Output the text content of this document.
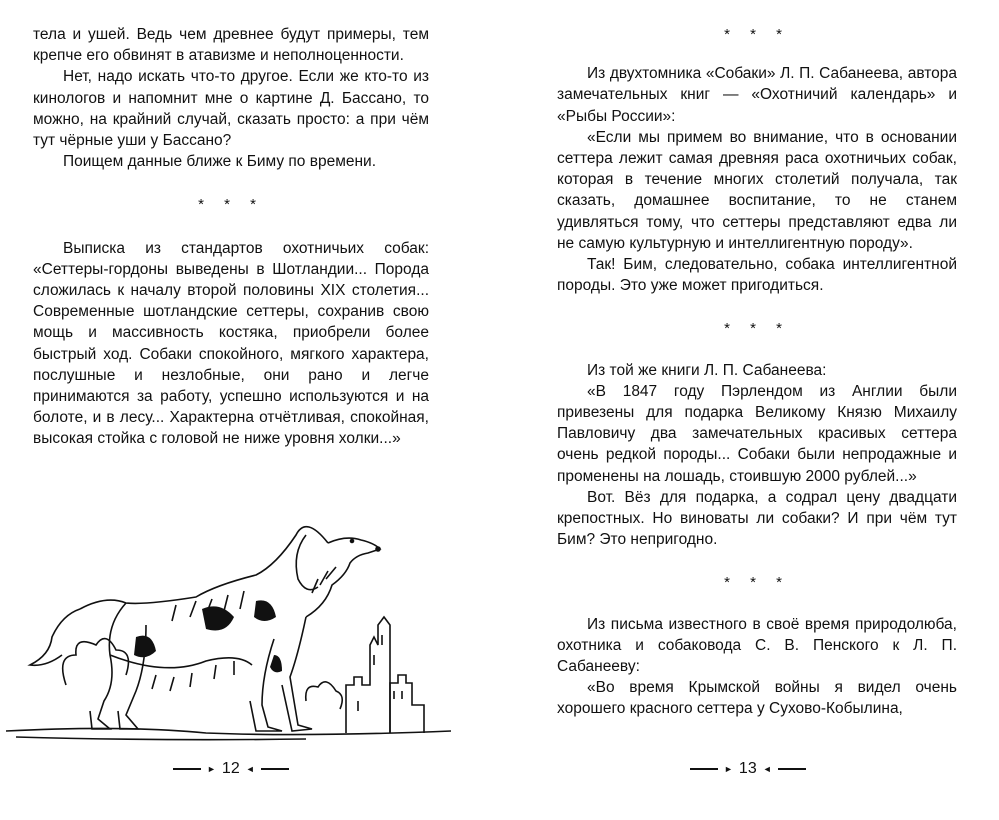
тела и ушей. Ведь чем древнее будут примеры, тем крепче его обвинят в атавизме и неполноценности.

Нет, надо искать что-то другое. Если же кто-то из кинологов и напомнит мне о картине Д. Бассано, то можно, на крайний случай, сказать просто: а при чём тут чёрные уши у Бассано?

Поищем данные ближе к Биму по времени.

* * *

Выписка из стандартов охотничьих собак: «Сеттеры-гордоны выведены в Шотландии... Порода сложилась к началу второй половины XIX столетия... Современные шотландские сеттеры, сохранив свою мощь и массивность костяка, приобрели более быстрый ход. Собаки спокойного, мягкого характера, послушные и незлобные, они рано и легче принимаются за работу, успешно используются и на болоте, и в лесу... Характерна отчётливая, спокойная, высокая стойка с головой не ниже уровня холки...»

► 12 ◄
* * *

Из двухтомника «Собаки» Л. П. Сабанеева, автора замечательных книг — «Охотничий календарь» и «Рыбы России»:

«Если мы примем во внимание, что в основании сеттера лежит самая древняя раса охотничьих собак, которая в течение многих столетий получала, так сказать, домашнее воспитание, то не станем удивляться тому, что сеттеры представляют едва ли не самую культурную и интеллигентную породу».

Так! Бим, следовательно, собака интеллигентной породы. Это уже может пригодиться.

* * *

Из той же книги Л. П. Сабанеева:

«В 1847 году Пэрлендом из Англии были привезены для подарка Великому Князю Михаилу Павловичу два замечательных красивых сеттера очень редкой породы... Собаки были непродажные и променены на лошадь, стоившую 2000 рублей...»

Вот. Вёз для подарка, а содрал цену двадцати крепостных. Но виноваты ли собаки? И при чём тут Бим? Это непригодно.

* * *

Из письма известного в своё время природолюба, охотника и собаковода С. В. Пенского к Л. П. Сабанееву:

«Во время Крымской войны я видел очень хорошего красного сеттера у Сухово-Кобылина,

► 13 ◄
